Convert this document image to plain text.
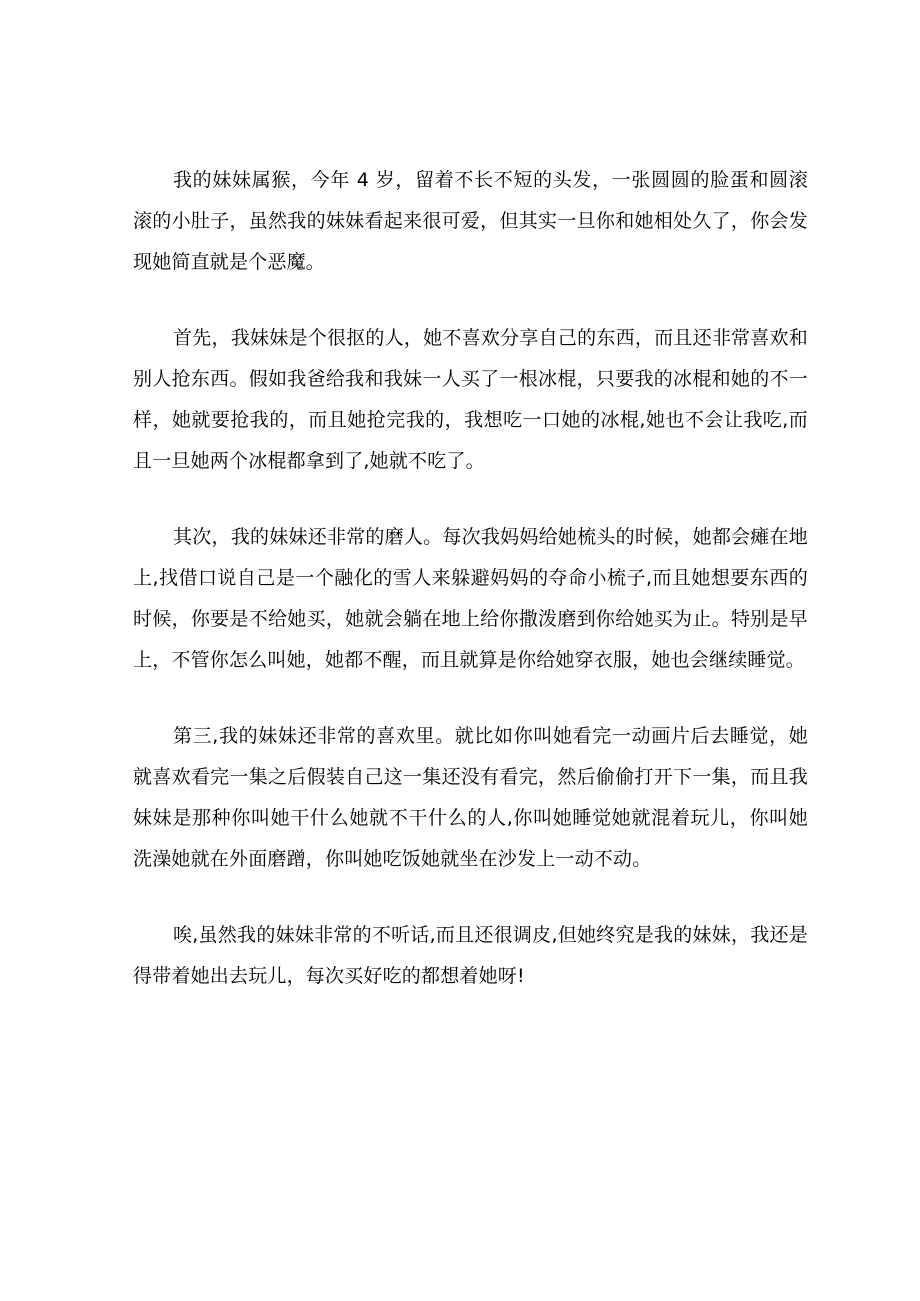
我的妹妹属猴，今年 4 岁，留着不长不短的头发，一张圆圆的脸蛋和圆滚滚的小肚子，虽然我的妹妹看起来很可爱，但其实一旦你和她相处久了，你会发现她简直就是个恶魔。

首先，我妹妹是个很抠的人，她不喜欢分享自己的东西，而且还非常喜欢和别人抢东西。假如我爸给我和我妹一人买了一根冰棍，只要我的冰棍和她的不一样，她就要抢我的，而且她抢完我的，我想吃一口她的冰棍,她也不会让我吃,而且一旦她两个冰棍都拿到了,她就不吃了。

其次，我的妹妹还非常的磨人。每次我妈妈给她梳头的时候，她都会瘫在地上,找借口说自己是一个融化的雪人来躲避妈妈的夺命小梳子,而且她想要东西的时候，你要是不给她买，她就会躺在地上给你撒泼磨到你给她买为止。特别是早上，不管你怎么叫她，她都不醒，而且就算是你给她穿衣服，她也会继续睡觉。

第三,我的妹妹还非常的喜欢里。就比如你叫她看完一动画片后去睡觉，她就喜欢看完一集之后假装自己这一集还没有看完，然后偷偷打开下一集，而且我妹妹是那种你叫她干什么她就不干什么的人,你叫她睡觉她就混着玩儿，你叫她洗澡她就在外面磨蹭，你叫她吃饭她就坐在沙发上一动不动。

唉,虽然我的妹妹非常的不听话,而且还很调皮,但她终究是我的妹妹，我还是得带着她出去玩儿，每次买好吃的都想着她呀!
